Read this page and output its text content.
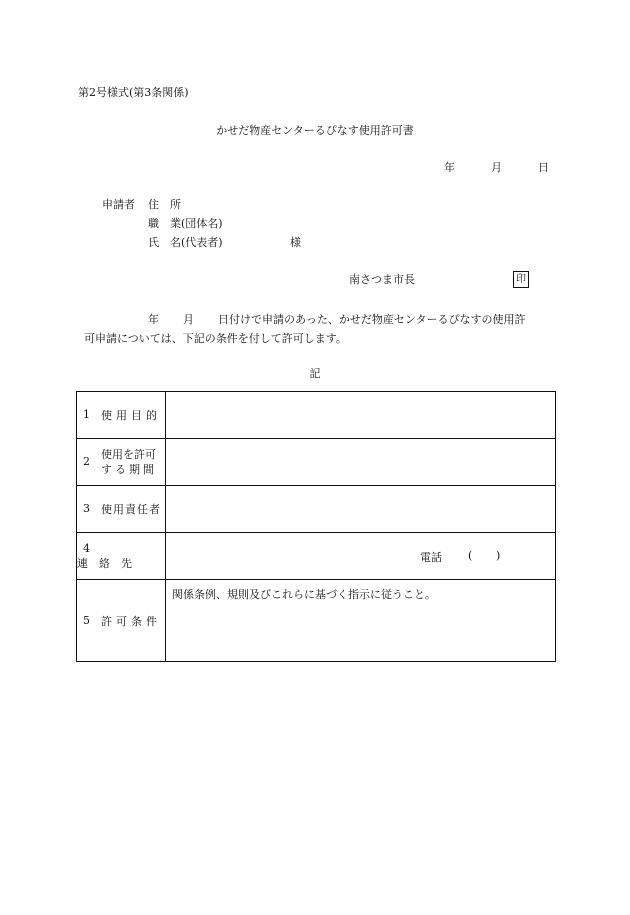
第2号様式(第3条関係)
かせだ物産センターるぴなす使用許可書
年	月	日
申請者 住　所
職　業(団体名)
氏　名(代表者)	様
南さつま市長	印
年 月 日付けで申請のあった、かせだ物産センターるぴなすの使用許
可申請については、下記の条件を付して許可します。
記
1 使用目的	
2使用を許可
する期間	
3 使用責任者	
4連絡先	電話 ( )

5 許可条件	関係条例、規則及びこれらに基づく指示に従うこと。
